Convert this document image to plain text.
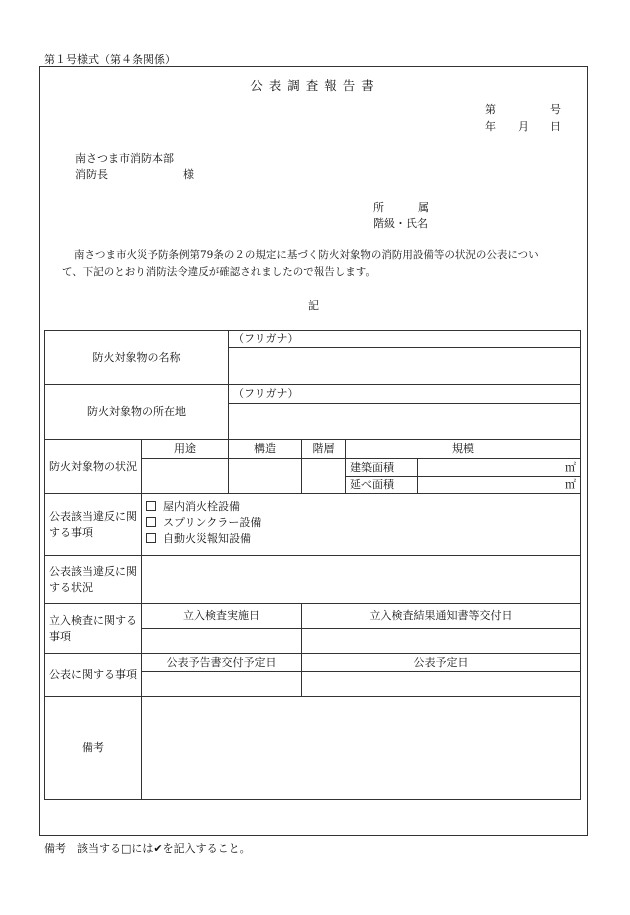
第１号様式（第４条関係）
公表調査報告書
第	号
年 月 日
南さつま市消防本部
消防長	様
所	属
階級・氏名
南さつま市火災予防条例第79条の２の規定に基づく防火対象物の消防用設備等の状況の公表につい
て、下記のとおり消防法令違反が確認されましたので報告します。
記
防火対象物の名称		（フリガナ）			

防火対象物の所在地		（フリガナ）			

防火対象物の状況	用途	構造	階層	規模	
				建築面積	㎡
				延べ面積	㎡
公表該当違反に関する事項	屋内消火栓設備
スプリンクラー設備
自動火災報知設備				

公表該当違反に関する状況					
立入検査に関する事項	立入検査実施日		立入検査結果通知書等交付日		

公表に関する事項	公表予告書交付予定日		公表予定日		

備考					
備考　該当する□には✔を記入すること。
